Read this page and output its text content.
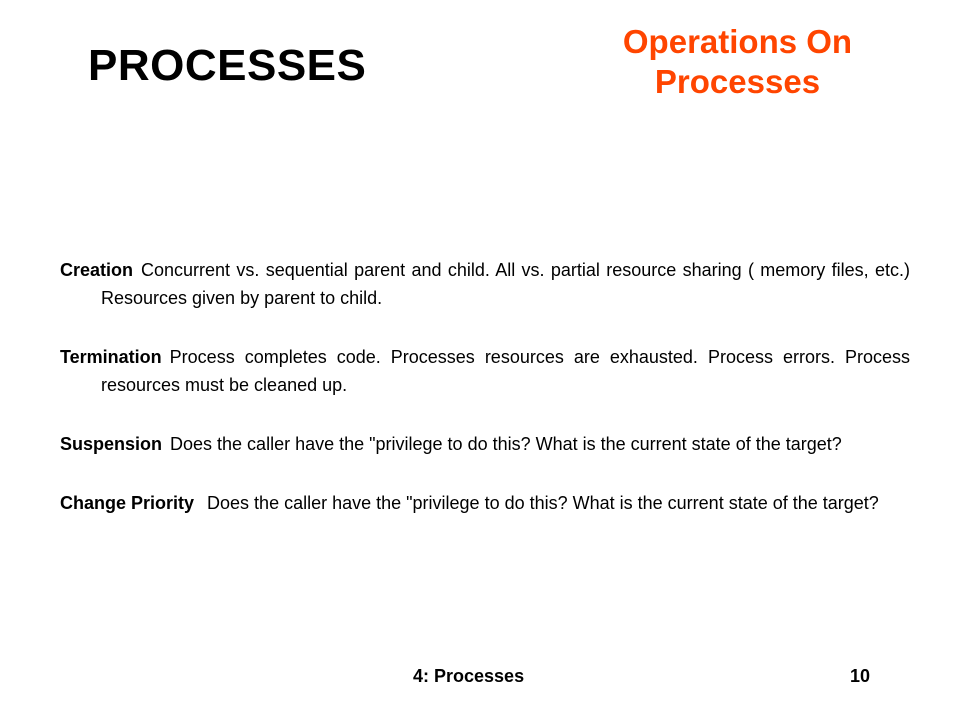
PROCESSES	Operations On
Processes

Creation Concurrent vs. sequential parent and child. All vs. partial resource sharing ( memory files, etc.) Resources given by parent to child.

Termination Process completes code. Processes resources are exhausted. Process errors. Process resources must be cleaned up.

Suspension Does the caller have the "privilege to do this? What is the current state of the target?

Change Priority Does the caller have the "privilege to do this? What is the current state of the target?

4: Processes	10
